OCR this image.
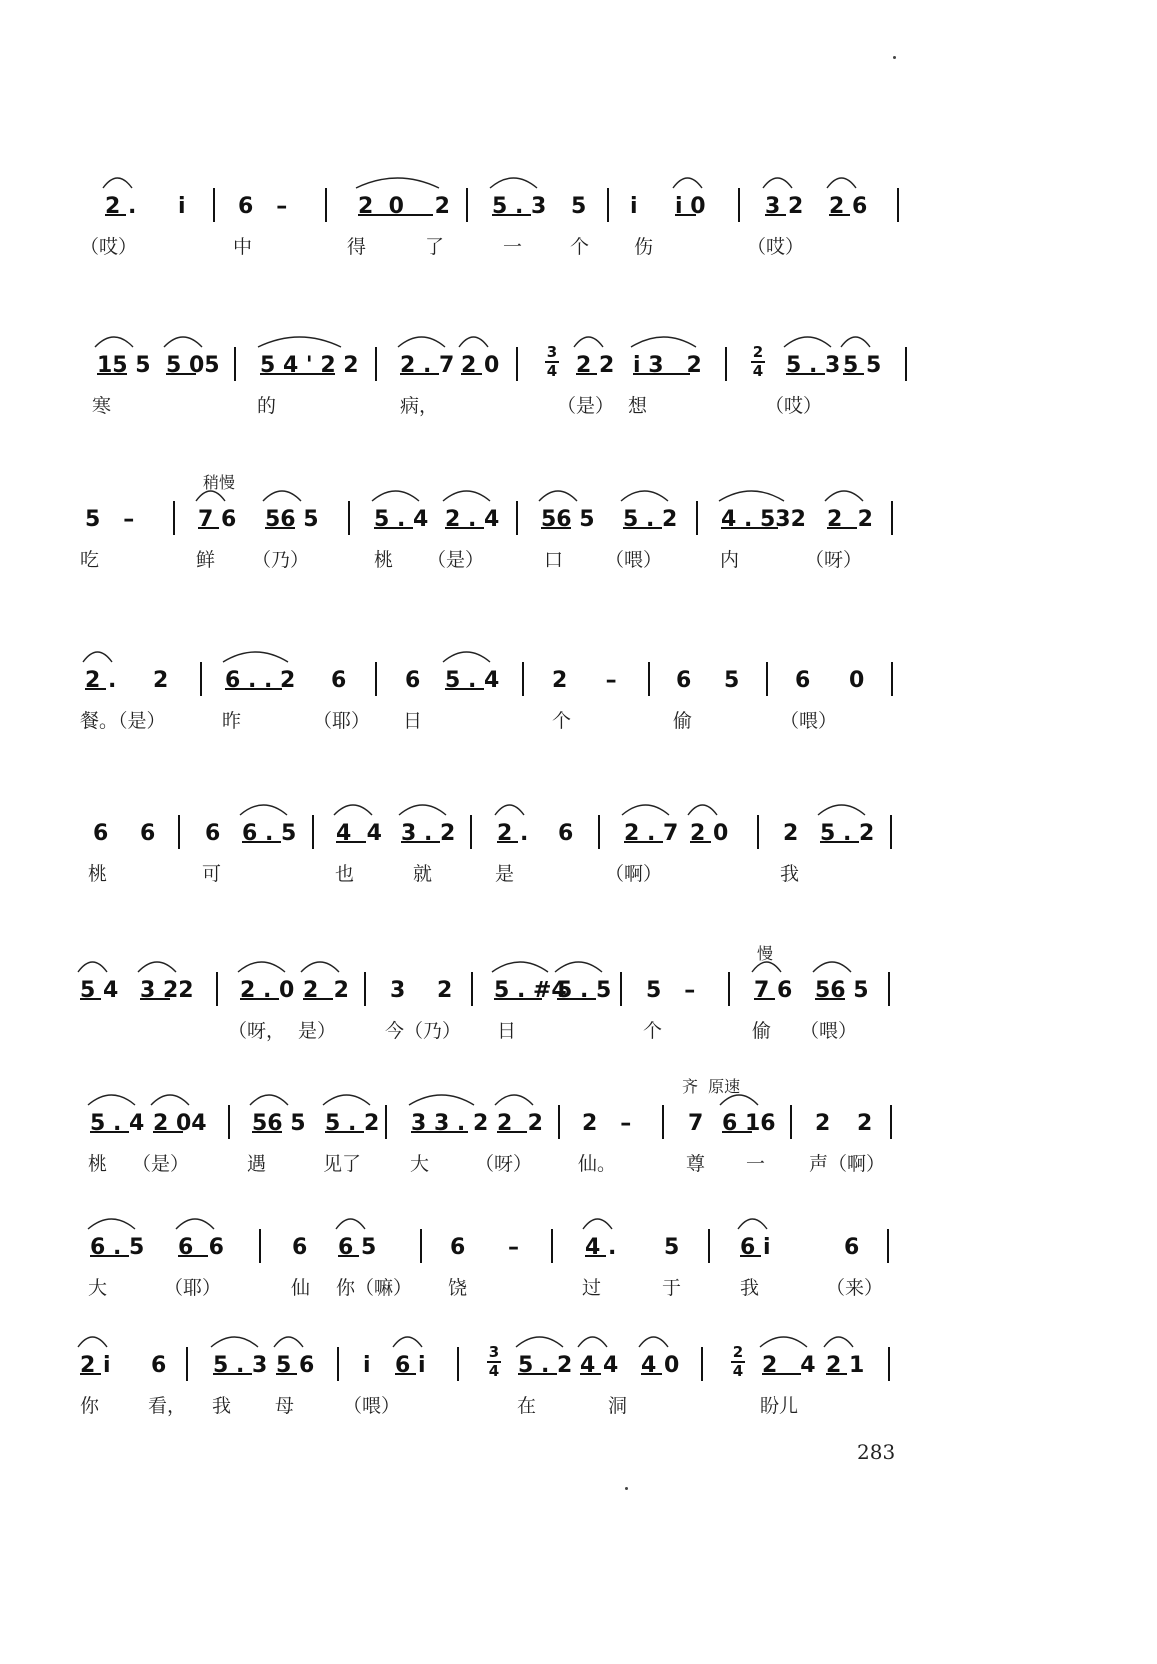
2 . i 6   –	2  0    2 5 . 3 5 i i 0	3 2 2 6
（哎）	中	得	了	一	个 伤	（哎）
15 5 5 05 5 4 ' 2 2 2 . 7 2 0	2 2 i 3   2	5 . 3 5 5
3
4
2
4
寒	的	病，	（是） 想	（哎）
稍慢
5   –	7 6 56 5	5 . 4 2 . 4 56 5 5 . 2 4 . 532 2  2
吃	鲜 （乃）	桃 （是）	口 （喂）	内	（呀）
2 . 2	6 . . 2 6	6 5 . 4 2     –	6 5	6 0
餐。（是）	昨	（耶） 日	个	偷	（喂）
6 6 6 6 . 5 4  4 3 . 2 2 . 6 2 . 7 2 0 2 5 . 2
桃	可	也	就	是	（啊）	我
慢
5 4 3 22 2 . 0 2  2 3 2 5 . #4
5 . 5 5   –	7 6 56 5
（呀， 是）	今（乃） 日	个	偷 （喂）
齐  原速
5 . 4 2 04 56 5 5 . 2 3 3 . 2 2  2 2   –	7 6 16 2 2
桃 （是）	遇	见了	大 （呀） 仙。	尊 一 声（啊）
6 . 5 6  6	6 6 5	6 –	4 . 5	6 i	6
大	（耶）	仙 你（嘛） 饶	过	于	我	（来）
2 i 6 5 . 3 5 6 i 6 i	5 . 2 4 4 4 0	2   4 2 1
3
4
2
4
你	看， 我 母	（喂）	在	洞	盼儿
283
